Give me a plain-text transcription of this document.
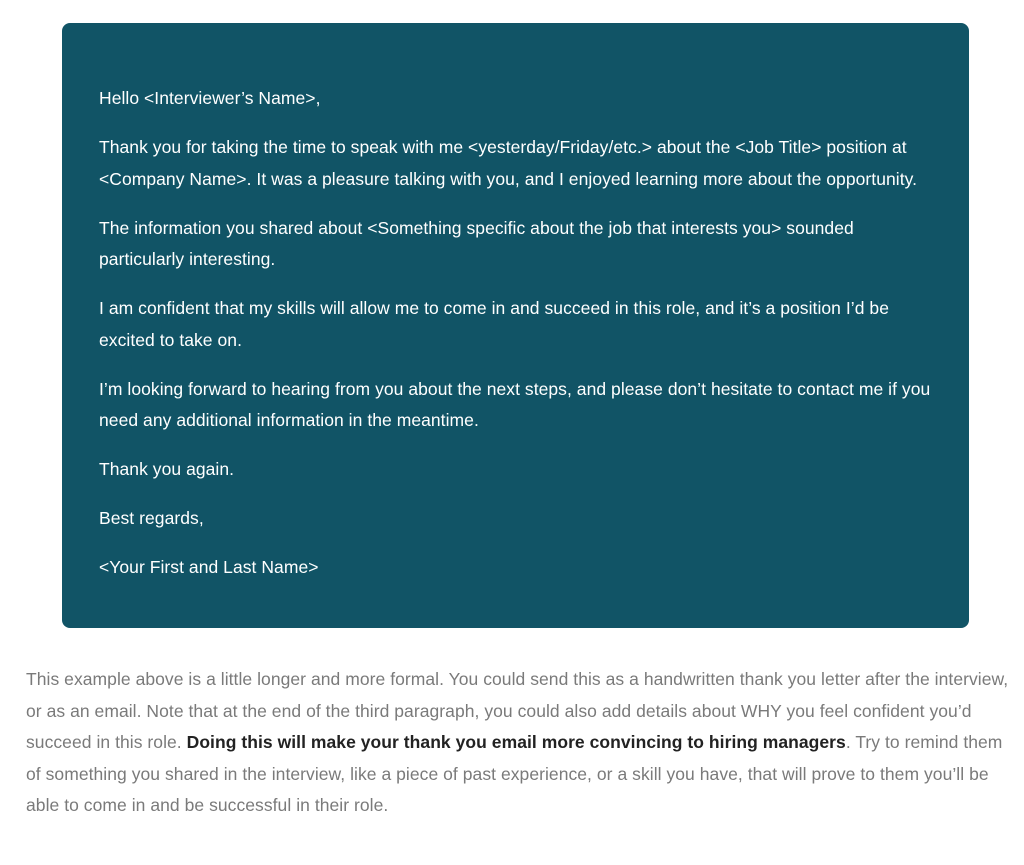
Hello <Interviewer’s Name>,

Thank you for taking the time to speak with me <yesterday/Friday/etc.> about the <Job Title> position at <Company Name>. It was a pleasure talking with you, and I enjoyed learning more about the opportunity.

The information you shared about <Something specific about the job that interests you> sounded particularly interesting.

I am confident that my skills will allow me to come in and succeed in this role, and it’s a position I’d be excited to take on.

I’m looking forward to hearing from you about the next steps, and please don’t hesitate to contact me if you need any additional information in the meantime.

Thank you again.

Best regards,

<Your First and Last Name>

This example above is a little longer and more formal. You could send this as a handwritten thank you letter after the interview, or as an email. Note that at the end of the third paragraph, you could also add details about WHY you feel confident you’d succeed in this role. Doing this will make your thank you email more convincing to hiring managers. Try to remind them of something you shared in the interview, like a piece of past experience, or a skill you have, that will prove to them you’ll be able to come in and be successful in their role.
